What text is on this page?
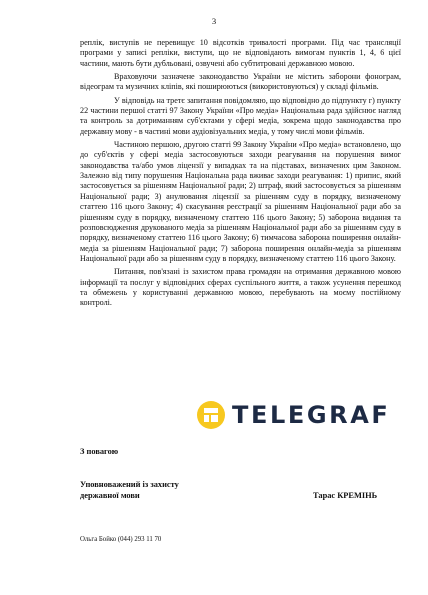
3

реплік, виступів не перевищує 10 відсотків тривалості програми. Під час трансляції програми у записі репліки, виступи, що не відповідають вимогам пунктів 1, 4, 6 цієї частини, мають бути дубльовані, озвучені або субтитровані державною мовою.

Враховуючи зазначене законодавство України не містить заборони фонограм, відеограм та музичних кліпів, які поширюються (використовуються) у складі фільмів.

У відповідь на третє запитання повідомляю, що відповідно до підпункту г) пункту 22 частини першої статті 97 Закону України «Про медіа» Національна рада здійснює нагляд та контроль за дотриманням суб'єктами у сфері медіа, зокрема щодо законодавства про державну мову - в частині мови аудіовізуальних медіа, у тому числі мови фільмів.

Частиною першою, другою статті 99 Закону України «Про медіа» встановлено, що до суб'єктів у сфері медіа застосовуються заходи реагування на порушення вимог законодавства та/або умов ліцензії у випадках та на підставах, визначених цим Законом. Залежно від типу порушення Національна рада вживає заходи реагування: 1) припис, який застосовується за рішенням Національної ради; 2) штраф, який застосовується за рішенням Національної ради; 3) анулювання ліцензії за рішенням суду в порядку, визначеному статтею 116 цього Закону; 4) скасування реєстрації за рішенням Національної ради або за рішенням суду в порядку, визначеному статтею 116 цього Закону; 5) заборона видання та розповсюдження друкованого медіа за рішенням Національної ради або за рішенням суду в порядку, визначеному статтею 116 цього Закону; 6) тимчасова заборона поширення онлайн-медіа за рішенням Національної ради; 7) заборона поширення онлайн-медіа за рішенням Національної ради або за рішенням суду в порядку, визначеному статтею 116 цього Закону.

Питання, пов'язані із захистом права громадян на отримання державною мовою інформації та послуг у відповідних сферах суспільного життя, а також усунення перешкод та обмежень у користуванні державною мовою, перебувають на моєму постійному контролі.

TELEGRAF
З повагою
Уповноважений із захисту
державної мови	Тарас КРЕМІНЬ
Ольга Бойко (044) 293 11 70
